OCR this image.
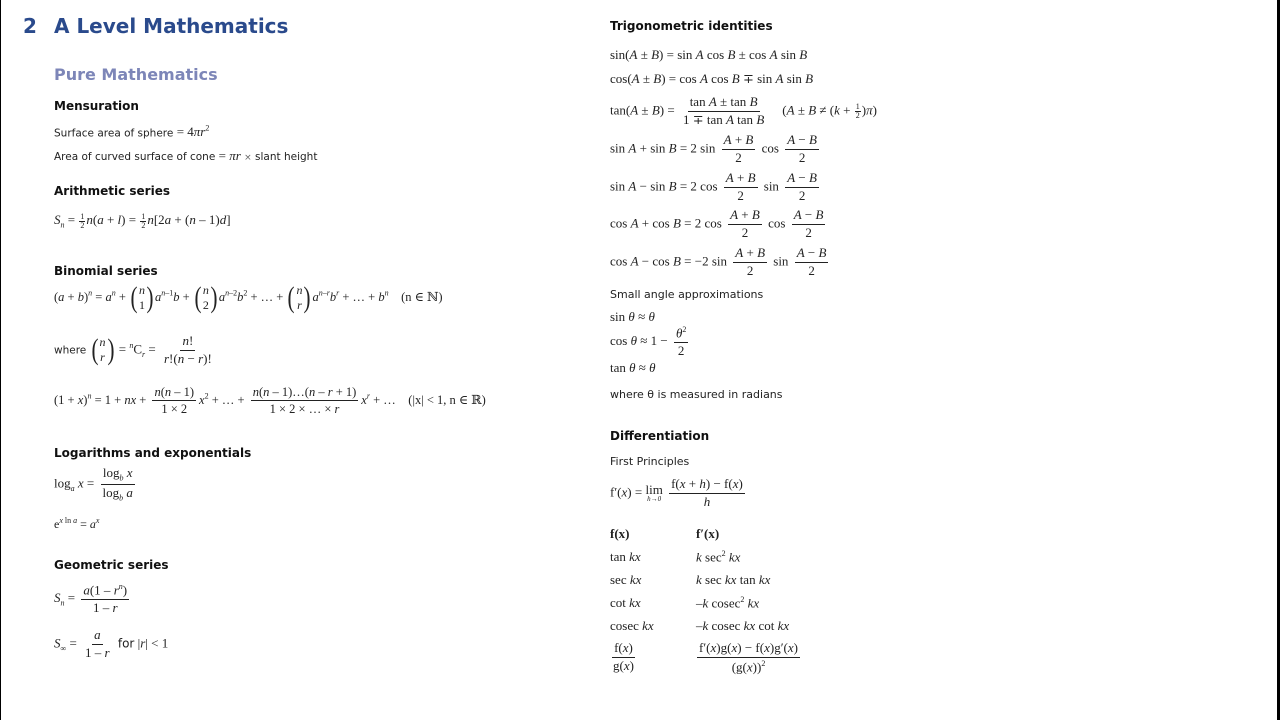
2 A Level Mathematics
Pure Mathematics
Mensuration
Surface area of sphere = $4\pi r^2$
Area of curved surface of cone = πr × slant height
Arithmetic series
$S_n = \frac{1}{2} n(a + l) = \frac{1}{2} n[2a + (n - 1)d]$
Binomial series
$(a + b)^n = a^n$ + ( n
1 ) $a^{n-1}b$ + ( n
2 ) $a^{n-2}b^2$ + … + ( n
r ) $a^{n-r}b^r$ + … + $b^n$ (n ∈ ℕ)
where ( n
r ) = $^nC_r = \frac{n!}{r!(n - r)!}$
$(1 + x)^n = 1$ + nx + $\frac{n(n - 1)}{1 \times 2} x^2$ + … + $\frac{n(n - 1)\dots(n - r + 1)}{1 \times 2 \times \dots \times r} x^r$ + …    (|x| < 1, n ∈ ℝ)
Logarithms and exponentials
$\log_a x = \frac{\log_b x}{\log_b a}$
$e^{x ln a} = a^x$
Geometric series
$S_n = \frac{a(1 - r^n)}{1 - r}$
$S_\infty = \frac{a}{1 - r}$ for |r| < 1
Trigonometric identities
sin(A ± B) = sin A cos B ± cos A sin B
cos(A ± B) = cos A cos B ∓ sin A sin B
$\tan(A \pm B) = \frac{\text{tan A ± tan B}}{\text{1 ∓ tan A tan B}} (A \pm B \ne (k + \frac{1}{2} )\pi)$
sin A + sin B = 2 $\sin \frac{A + B}{2}$ $\cos \frac{A - B}{2}$
sin A − sin B = 2 $\cos \frac{A + B}{2}$ $\sin \frac{A - B}{2}$
cos A + cos B = 2 $\cos \frac{A + B}{2}$ $\cos \frac{A - B}{2}$
cos A − cos B = −2 $\sin \frac{A + B}{2}$ $\sin \frac{A - B}{2}$
Small angle approximations
sin θ ≈ θ
$\cos \theta \approx 1 - \frac{\theta^2}{2}$
tan θ ≈ θ
where θ is measured in radians
Differentiation
First Principles
f′(x) = lim
h→0
$\frac{f(x + h) - f(x)}{h}$
f(x)	f′(x)
tan kx	k $\sec^2$ kx
sec kx	k sec kx tan kx
cot kx	–k cosec$^2$ kx
cosec kx	–k cosec kx cot kx
$\frac{f(x)}{g(x)}$	$\frac{f'(x)g(x) - f(x)g'(x)}{(g(x))^2}$
